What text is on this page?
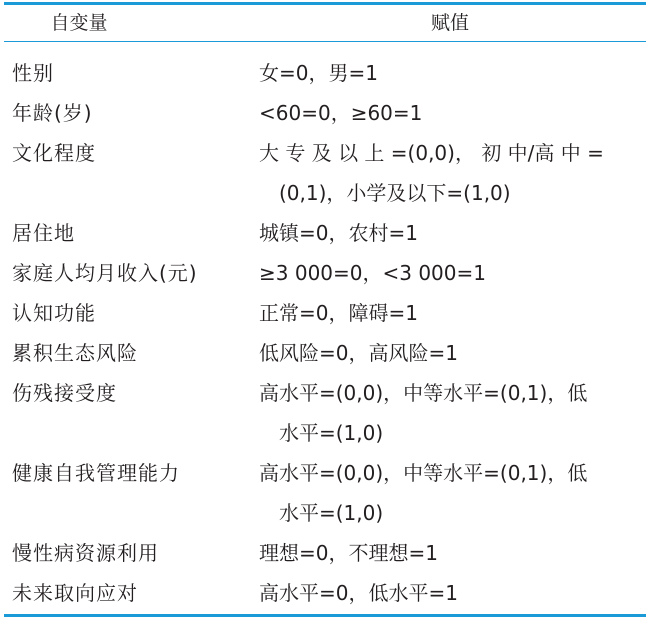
自变量	赋值
性别	女=0，男=1

年龄(岁)	<60=0，≥60=1

文化程度	大 专 及 以 上 =(0,0)， 初 中/高 中 =
(0,1)，小学及以下=(1,0)

居住地	城镇=0，农村=1

家庭人均月收入(元)	≥3 000=0，<3 000=1

认知功能	正常=0，障碍=1

累积生态风险	低风险=0，高风险=1

伤残接受度	高水平=(0,0)，中等水平=(0,1)，低
水平=(1,0)

健康自我管理能力	高水平=(0,0)，中等水平=(0,1)，低
水平=(1,0)

慢性病资源利用	理想=0，不理想=1

未来取向应对	高水平=0，低水平=1
